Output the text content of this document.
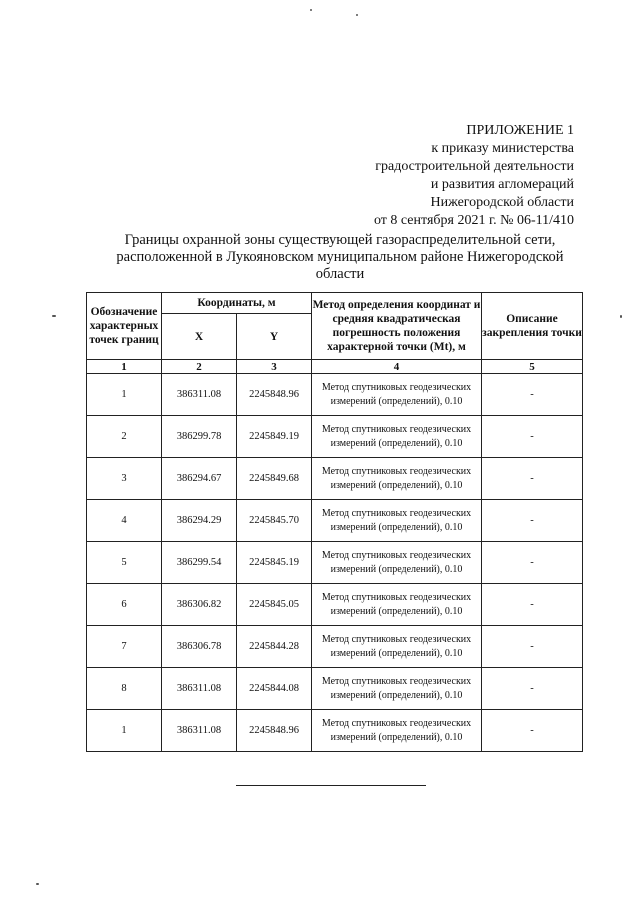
ПРИЛОЖЕНИЕ 1
к приказу министерства
градостроительной деятельности
и развития агломераций
Нижегородской области
от 8 сентября 2021 г. № 06-11/410
Границы охранной зоны существующей газораспределительной сети,
расположенной в Лукояновском муниципальном районе Нижегородской
области
Обозначение характерных точек границ	Координаты, м		Метод определения координат и средняя квадратическая погрешность положения характерной точки (Mt), м	Описание закрепления точки
	X	Y		
1	2	3	4	5
1	386311.08	2245848.96	Метод спутниковых геодезических измерений (определений), 0.10	-
2	386299.78	2245849.19	Метод спутниковых геодезических измерений (определений), 0.10	-
3	386294.67	2245849.68	Метод спутниковых геодезических измерений (определений), 0.10	-
4	386294.29	2245845.70	Метод спутниковых геодезических измерений (определений), 0.10	-
5	386299.54	2245845.19	Метод спутниковых геодезических измерений (определений), 0.10	-
6	386306.82	2245845.05	Метод спутниковых геодезических измерений (определений), 0.10	-
7	386306.78	2245844.28	Метод спутниковых геодезических измерений (определений), 0.10	-
8	386311.08	2245844.08	Метод спутниковых геодезических измерений (определений), 0.10	-
1	386311.08	2245848.96	Метод спутниковых геодезических измерений (определений), 0.10	-
